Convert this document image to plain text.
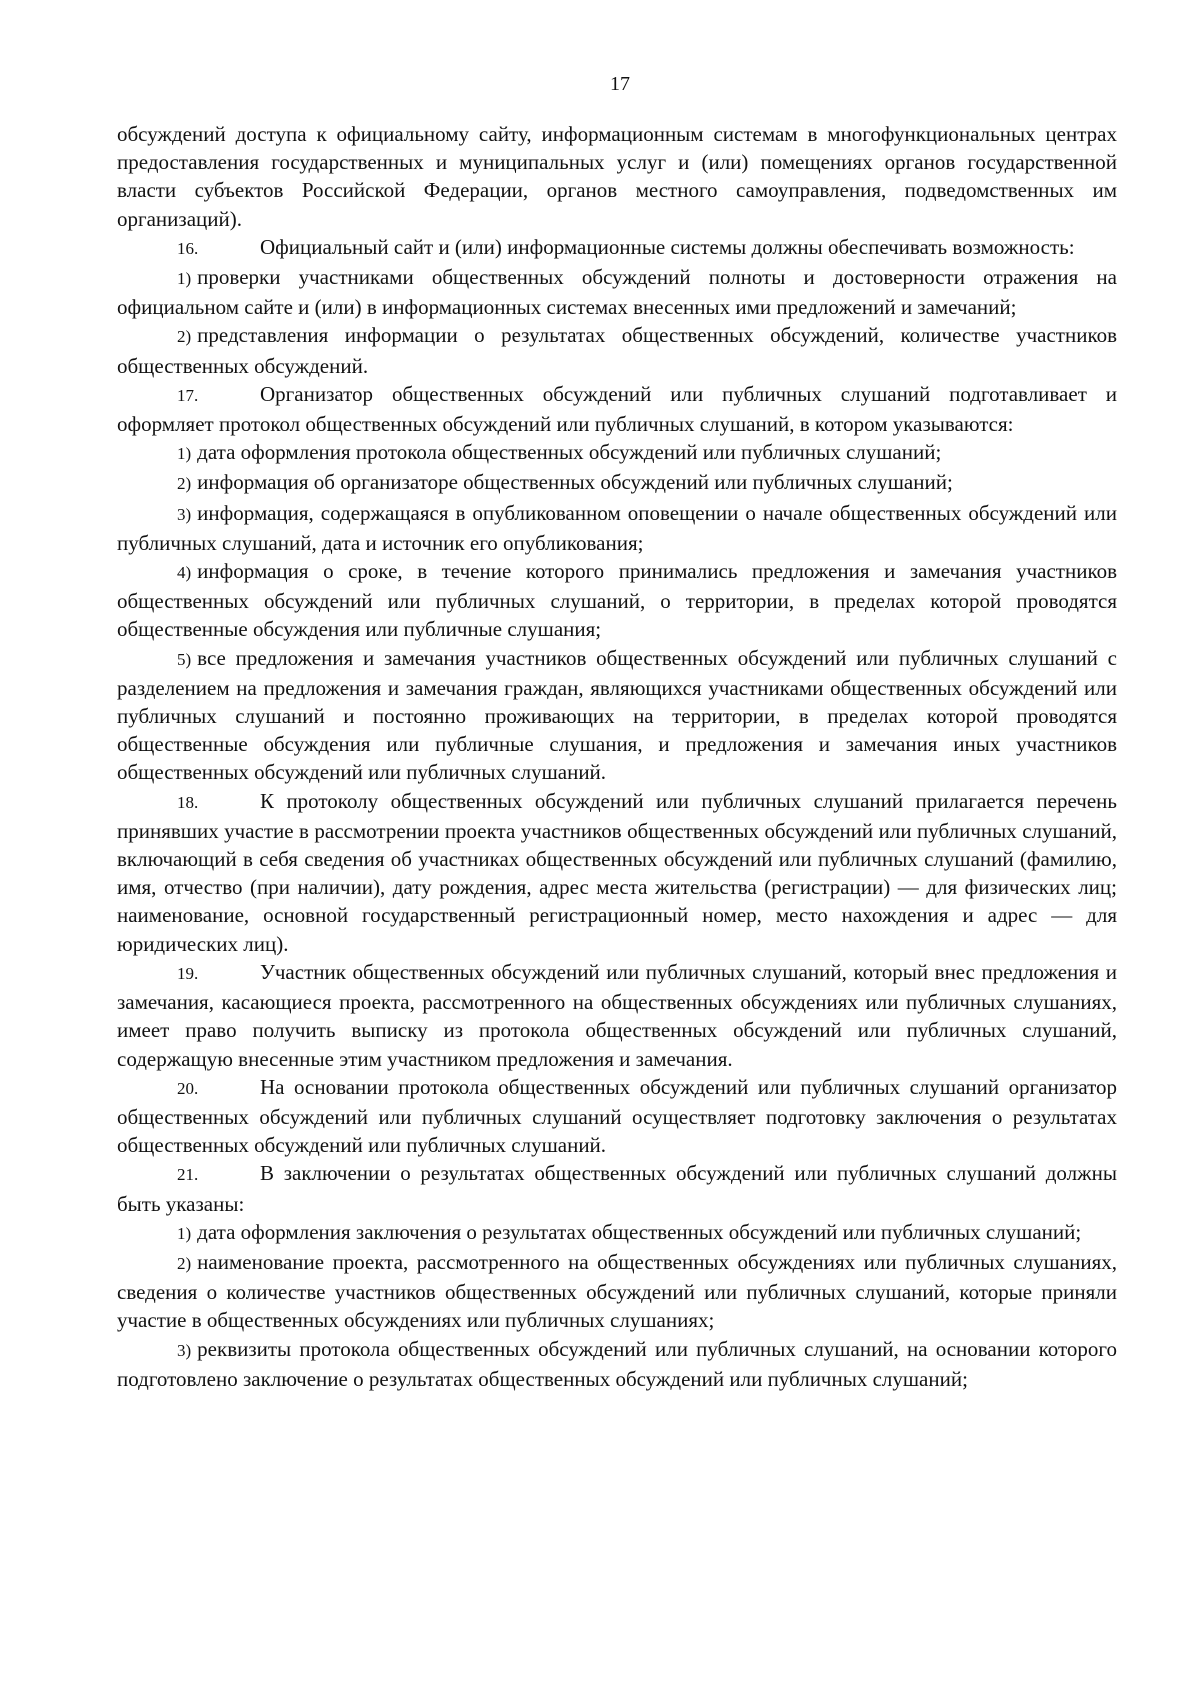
17

обсуждений доступа к официальному сайту, информационным системам в многофункциональных центрах предоставления государственных и муниципальных услуг и (или) помещениях органов государственной власти субъектов Российской Федерации, органов местного самоуправления, подведомственных им организаций).

16.	Официальный сайт и (или) информационные системы должны обеспечивать возможность:

1) проверки участниками общественных обсуждений полноты и достоверности отражения на официальном сайте и (или) в информационных системах внесенных ими предложений и замечаний;

2) представления информации о результатах общественных обсуждений, количестве участников общественных обсуждений.

17.	Организатор общественных обсуждений или публичных слушаний подготавливает и оформляет протокол общественных обсуждений или публичных слушаний, в котором указываются:

1) дата оформления протокола общественных обсуждений или публичных слушаний;

2) информация об организаторе общественных обсуждений или публичных слушаний;

3) информация, содержащаяся в опубликованном оповещении о начале общественных обсуждений или публичных слушаний, дата и источник его опубликования;

4) информация о сроке, в течение которого принимались предложения и замечания участников общественных обсуждений или публичных слушаний, о территории, в пределах которой проводятся общественные обсуждения или публичные слушания;

5) все предложения и замечания участников общественных обсуждений или публичных слушаний с разделением на предложения и замечания граждан, являющихся участниками общественных обсуждений или публичных слушаний и постоянно проживающих на территории, в пределах которой проводятся общественные обсуждения или публичные слушания, и предложения и замечания иных участников общественных обсуждений или публичных слушаний.

18.	К протоколу общественных обсуждений или публичных слушаний прилагается перечень принявших участие в рассмотрении проекта участников общественных обсуждений или публичных слушаний, включающий в себя сведения об участниках общественных обсуждений или публичных слушаний (фамилию, имя, отчество (при наличии), дату рождения, адрес места жительства (регистрации) — для физических лиц; наименование, основной государственный регистрационный номер, место нахождения и адрес — для юридических лиц).

19.	Участник общественных обсуждений или публичных слушаний, который внес предложения и замечания, касающиеся проекта, рассмотренного на общественных обсуждениях или публичных слушаниях, имеет право получить выписку из протокола общественных обсуждений или публичных слушаний, содержащую внесенные этим участником предложения и замечания.

20.	На основании протокола общественных обсуждений или публичных слушаний организатор общественных обсуждений или публичных слушаний осуществляет подготовку заключения о результатах общественных обсуждений или публичных слушаний.

21.	В заключении о результатах общественных обсуждений или публичных слушаний должны быть указаны:

1) дата оформления заключения о результатах общественных обсуждений или публичных слушаний;

2) наименование проекта, рассмотренного на общественных обсуждениях или публичных слушаниях, сведения о количестве участников общественных обсуждений или публичных слушаний, которые приняли участие в общественных обсуждениях или публичных слушаниях;

3) реквизиты протокола общественных обсуждений или публичных слушаний, на основании которого подготовлено заключение о результатах общественных обсуждений или публичных слушаний;
